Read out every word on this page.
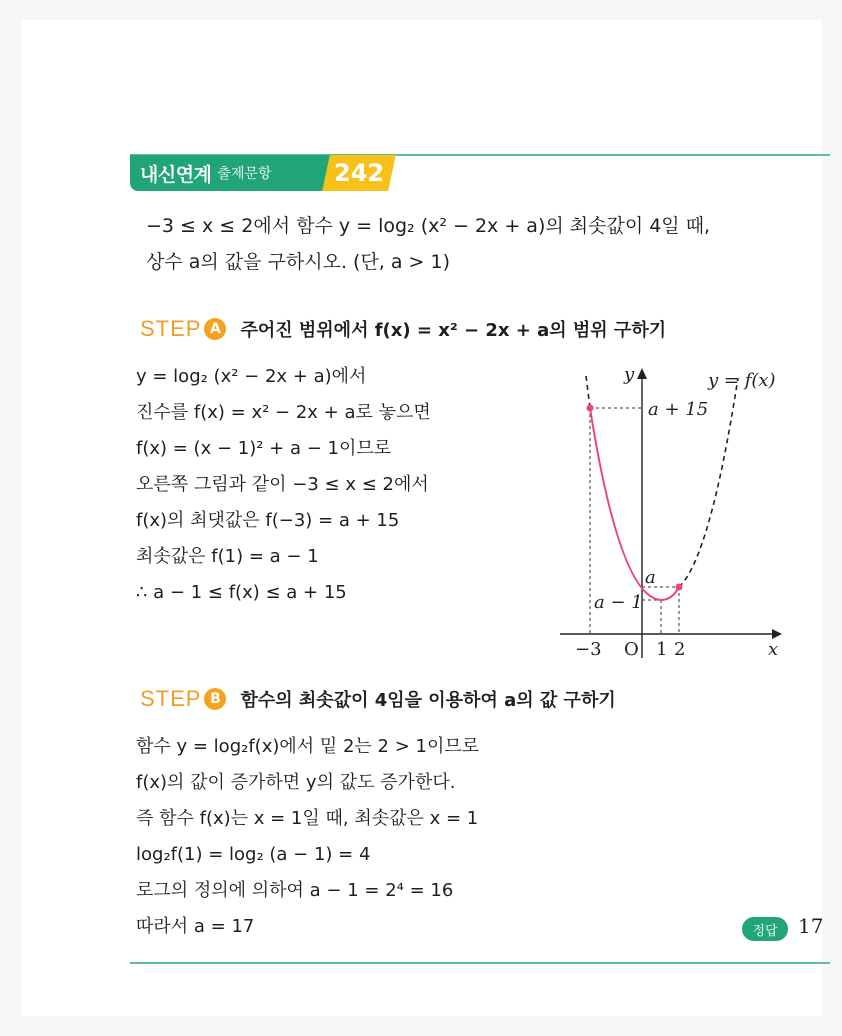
내신연계 출제문항	242
−3 ≤ x ≤ 2에서 함수 y = log₂ (x² − 2x + a)의 최솟값이 4일 때,
상수 a의 값을 구하시오. (단, a > 1)
STEP A	주어진 범위에서 f(x) = x² − 2x + a의 범위 구하기
y = log₂ (x² − 2x + a)에서
진수를 f(x) = x² − 2x + a로 놓으면
f(x) = (x − 1)² + a − 1이므로
오른쪽 그림과 같이 −3 ≤ x ≤ 2에서
f(x)의 최댓값은 f(−3) = a + 15
최솟값은 f(1) = a − 1
∴ a − 1 ≤ f(x) ≤ a + 15
y	y = f(x)
a + 15
a
a − 1
−3 O 1 2	x
STEP B	함수의 최솟값이 4임을 이용하여 a의 값 구하기
함수 y = log₂f(x)에서 밑 2는 2 > 1이므로
f(x)의 값이 증가하면 y의 값도 증가한다.
즉 함수 f(x)는 x = 1일 때, 최솟값은 x = 1
log₂f(1) = log₂ (a − 1) = 4
로그의 정의에 의하여 a − 1 = 2⁴ = 16
따라서 a = 17	정답	17
